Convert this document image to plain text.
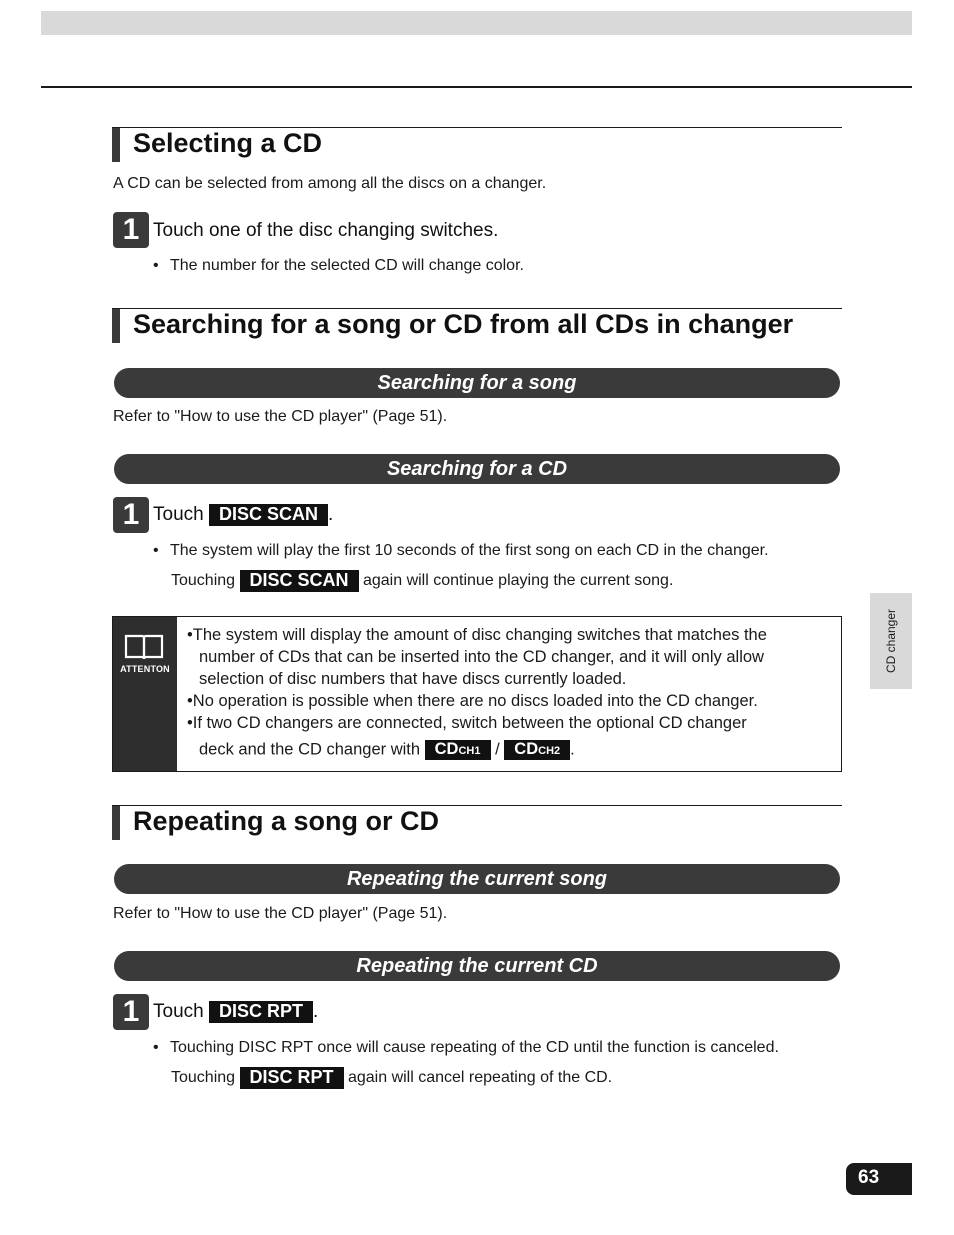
Selecting a CD
A CD can be selected from among all the discs on a changer.
1 Touch one of the disc changing switches.
• The number for the selected CD will change color.
Searching for a song or CD from all CDs in changer
Searching for a song
Refer to "How to use the CD player" (Page 51).
Searching for a CD
1 Touch DISC SCAN .
• The system will play the first 10 seconds of the first song on each CD in the changer.
Touching DISC SCAN again will continue playing the current song.
ATTENTON
•The system will display the amount of disc changing switches that matches the
number of CDs that can be inserted into the CD changer, and it will only allow
selection of disc numbers that have discs currently loaded.
•No operation is possible when there are no discs loaded into the CD changer.
•If two CD changers are connected, switch between the optional CD changer
deck and the CD changer with CDCH1 / CDCH2 .
Repeating a song or CD
Repeating the current song
Refer to "How to use the CD player" (Page 51).
Repeating the current CD
1 Touch DISC RPT .
• Touching DISC RPT once will cause repeating of the CD until the function is canceled.
Touching DISC RPT again will cancel repeating of the CD.
CD changer
63
